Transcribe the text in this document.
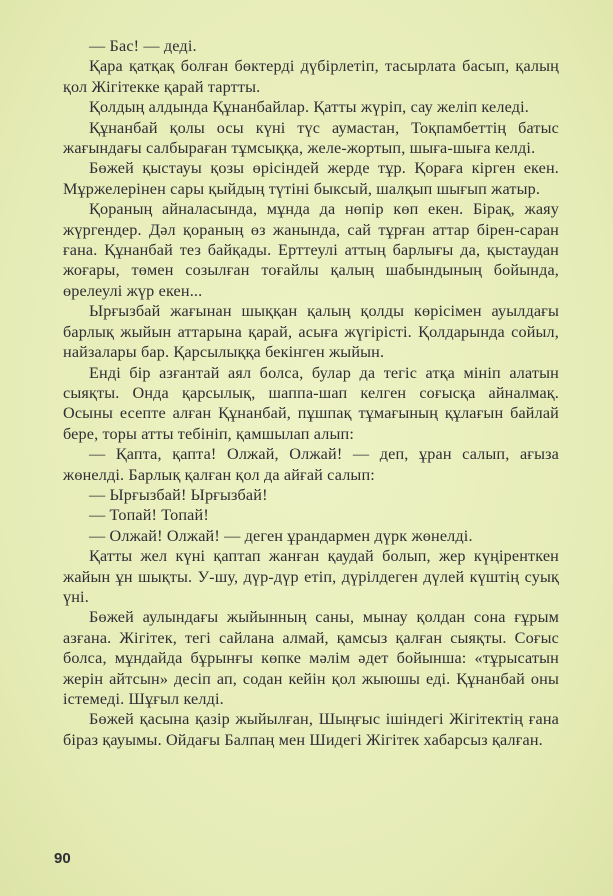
— Бас! — деді.

Қара қатқақ болған бөктерді дүбірлетіп, тасырлата басып, қалың қол Жігітекке қарай тартты.

Қолдың алдында Құнанбайлар. Қатты жүріп, сау желіп келеді.

Құнанбай қолы осы күні түс аумастан, Тоқпамбеттің батыс жағындағы салбыраған тұмсыққа, желе-жортып, шыға-шыға келді.

Бөжей қыстауы қозы өрісіндей жерде тұр. Қораға кірген екен. Мұржелерінен сары қыйдың түтіні быксый, шалқып шығып жатыр.

Қораның айналасында, мұнда да нөпір көп екен. Бірақ, жаяу жүргендер. Дәл қораның өз жанында, сай тұрған аттар бірен-саран ғана. Құнанбай тез байқады. Ерттеулі аттың барлығы да, қыстаудан жоғары, төмен созылған тоғайлы қалың шабындының бойында, өрелеулі жүр екен...

Ырғызбай жағынан шыққан қалың қолды көрісімен ауылдағы барлық жыйын аттарына қарай, асыға жүгірісті. Қолдарында сойыл, найзалары бар. Қарсылыққа бекінген жыйын.

Енді бір азғантай аял болса, булар да тегіс атқа мініп алатын сыяқты. Онда қарсылық, шаппа-шап келген соғысқа айналмақ. Осыны есепте алған Құнанбай, пұшпақ тұмағының құлағын байлай бере, торы атты тебініп, қамшылап алып:

— Қапта, қапта! Олжай, Олжай! — деп, ұран салып, ағыза жөнелді. Барлық қалған қол да айғай салып:

— Ырғызбай! Ырғызбай!

— Топай! Топай!

— Олжай! Олжай! — деген ұрандармен дүрк жөнелді.

Қатты жел күні қаптап жанған қаудай болып, жер күңіренткен жайын ұн шықты. У-шу, дүр-дүр етіп, дүрілдеген дүлей күштің суық үні.

Бөжей аулындағы жыйынның саны, мынау қолдан сона ғұрым азғана. Жігітек, тегі сайлана алмай, қамсыз қалған сыяқты. Соғыс болса, мұндайда бұрынғы көпке мәлім әдет бойынша: «тұрысатын жерін айтсын» десіп ап, содан кейін қол жыюшы еді. Құнанбай оны істемеді. Шұғыл келді.

Бөжей қасына қазір жыйылған, Шыңғыс ішіндегі Жігітектің ғана біраз қауымы. Ойдағы Балпаң мен Шидегі Жігітек хабарсыз қалған.

90
